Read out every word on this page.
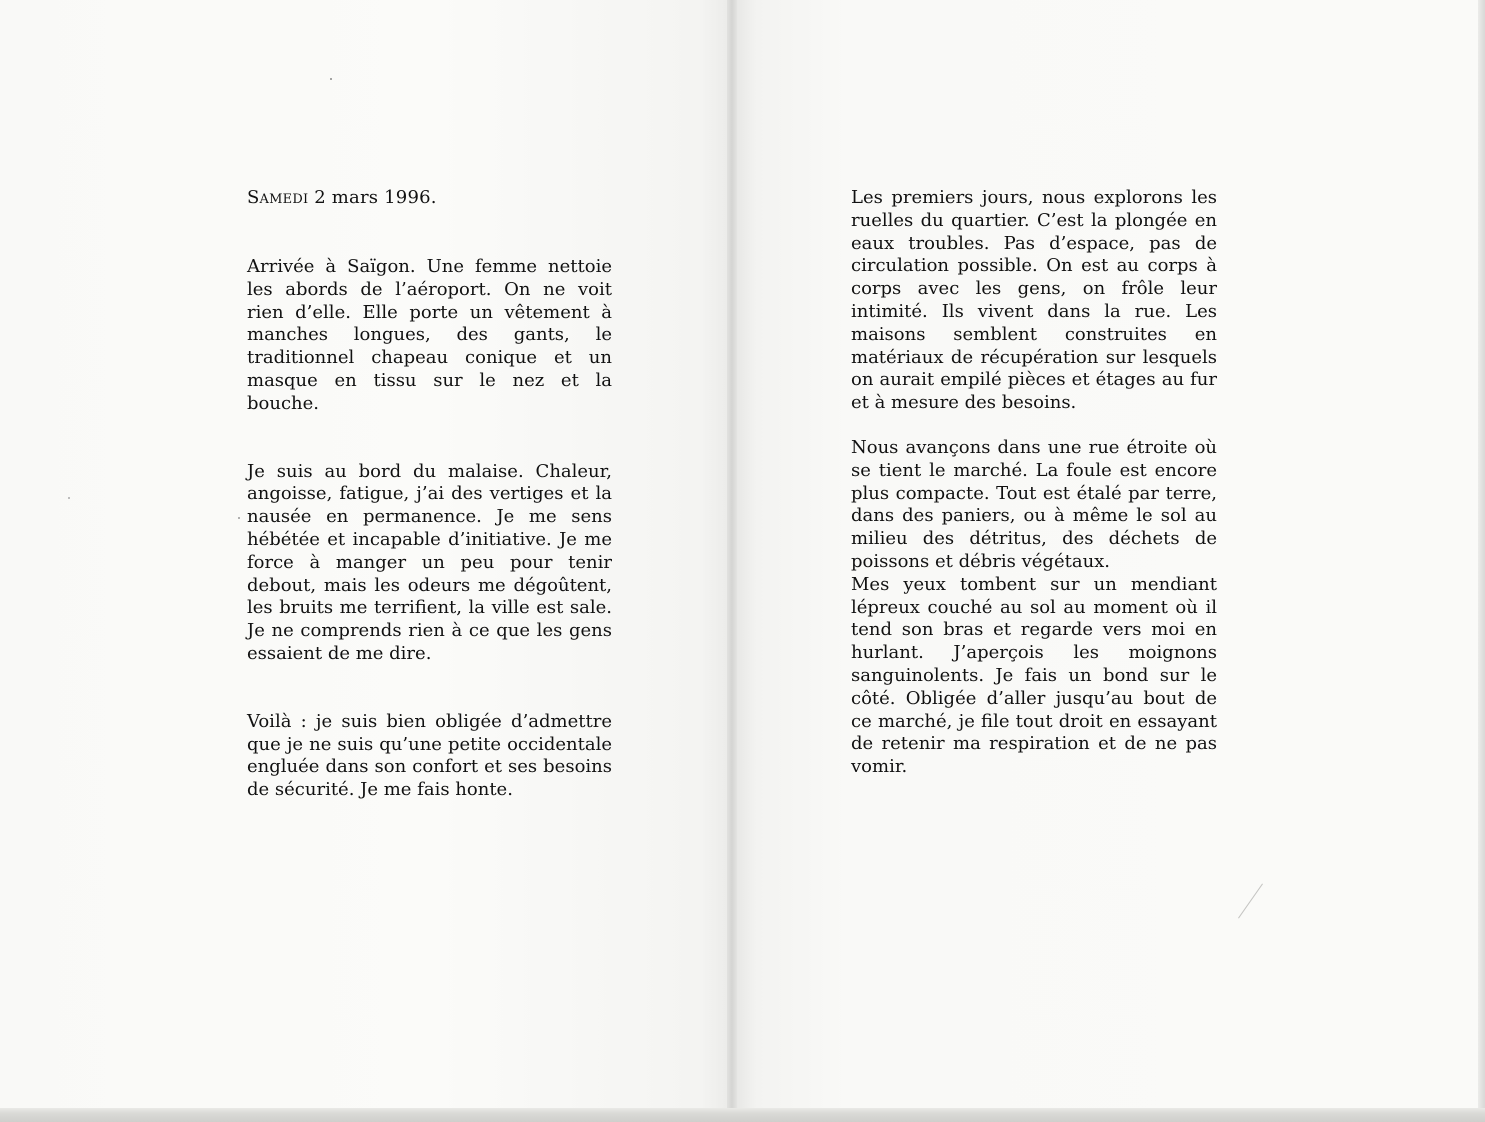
Samedi 2 mars 1996.

Arrivée à Saïgon. Une femme nettoie les abords de l’aéroport. On ne voit rien d’elle. Elle porte un vêtement à manches longues, des gants, le traditionnel chapeau conique et un masque en tissu sur le nez et la bouche.

Je suis au bord du malaise. Chaleur, angoisse, fatigue, j’ai des vertiges et la nausée en permanence. Je me sens hébétée et incapable d’initiative. Je me force à manger un peu pour tenir debout, mais les odeurs me dégoûtent, les bruits me terrifient, la ville est sale. Je ne comprends rien à ce que les gens essaient de me dire.

Voilà : je suis bien obligée d’admettre que je ne suis qu’une petite occidentale engluée dans son confort et ses besoins de sécurité. Je me fais honte.

Les premiers jours, nous explorons les ruelles du quartier. C’est la plongée en eaux troubles. Pas d’espace, pas de circulation possible. On est au corps à corps avec les gens, on frôle leur intimité. Ils vivent dans la rue. Les maisons semblent construites en matériaux de récupération sur lesquels on aurait empilé pièces et étages au fur et à mesure des besoins.

Nous avançons dans une rue étroite où se tient le marché. La foule est encore plus compacte. Tout est étalé par terre, dans des paniers, ou à même le sol au milieu des détritus, des déchets de poissons et débris végétaux.

Mes yeux tombent sur un mendiant lépreux couché au sol au moment où il tend son bras et regarde vers moi en hurlant. J’aperçois les moignons sanguinolents. Je fais un bond sur le côté. Obligée d’aller jusqu’au bout de ce marché, je file tout droit en essayant de retenir ma respiration et de ne pas vomir.
